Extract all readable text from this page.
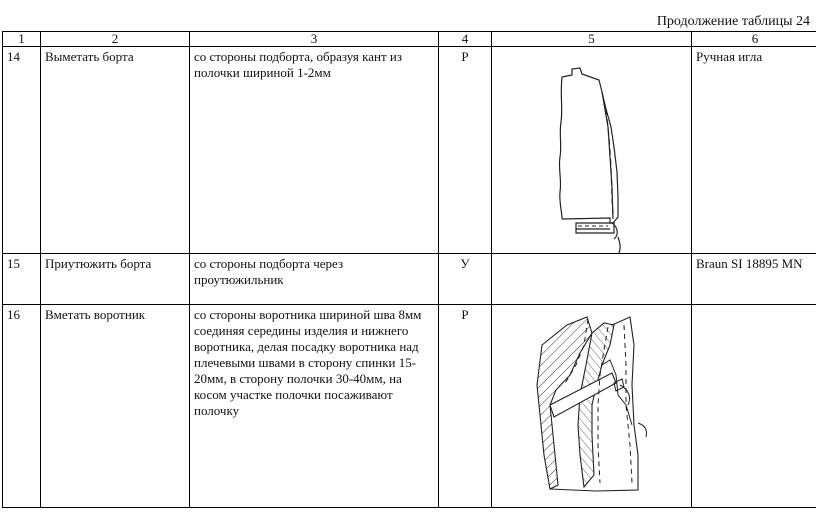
Продолжение таблицы 24
1	2	3	4	5	6
14	Выметать борта	со стороны подборта, образуя кант из полочки шириной 1-2мм	Р		Ручная игла
15	Приутюжить борта	со стороны подборта через проутюжильник	У		Braun SI 18895 MN
16	Вметать воротник	со стороны воротника шириной шва 8мм соединяя середины изделия и нижнего воротника, делая посадку воротника над плечевыми швами в сторону спинки 15-20мм, в сторону полочки 30-40мм, на косом участке полочки посаживают полочку	Р	
